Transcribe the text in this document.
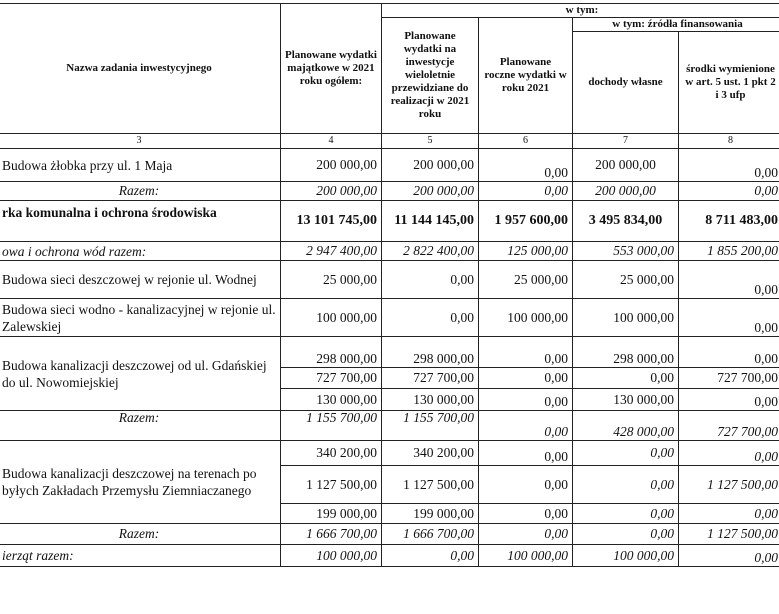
Nazwa zadania inwestycyjnego	Planowane wydatki majątkowe w 2021 roku ogółem:	w tym:			
		Planowane wydatki na inwestycje wieloletnie przewidziane do realizacji w 2021 roku	Planowane roczne wydatki w roku 2021	w tym: źródła finansowania	
				dochody własne	środki wymienione w art. 5 ust. 1 pkt 2 i 3 ufp
3	4	5	6	7	8
Budowa żłobka przy ul. 1 Maja	200 000,00	200 000,00	0,00	200 000,00	0,00
Razem:	200 000,00	200 000,00	0,00	200 000,00	0,00
rka komunalna i ochrona środowiska	13 101 745,00	11 144 145,00	1 957 600,00	3 495 834,00	8 711 483,00
owa i ochrona wód razem:	2 947 400,00	2 822 400,00	125 000,00	553 000,00	1 855 200,00
Budowa sieci deszczowej w rejonie ul. Wodnej	25 000,00	0,00	25 000,00	25 000,00	0,00
Budowa sieci wodno - kanalizacyjnej w rejonie ul. Zalewskiej	100 000,00	0,00	100 000,00	100 000,00	0,00
Budowa kanalizacji deszczowej od ul. Gdańskiej do ul. Nowomiejskiej	298 000,00	298 000,00	0,00	298 000,00	0,00
	727 700,00	727 700,00	0,00	0,00	727 700,00
	130 000,00	130 000,00	0,00	130 000,00	0,00
Razem:	1 155 700,00	1 155 700,00	0,00	428 000,00	727 700,00
Budowa kanalizacji deszczowej na terenach po byłych Zakładach Przemysłu Ziemniaczanego	340 200,00	340 200,00	0,00	0,00	0,00
	1 127 500,00	1 127 500,00	0,00	0,00	1 127 500,00
	199 000,00	199 000,00	0,00	0,00	0,00
Razem:	1 666 700,00	1 666 700,00	0,00	0,00	1 127 500,00
ierząt razem:	100 000,00	0,00	100 000,00	100 000,00	0,00
